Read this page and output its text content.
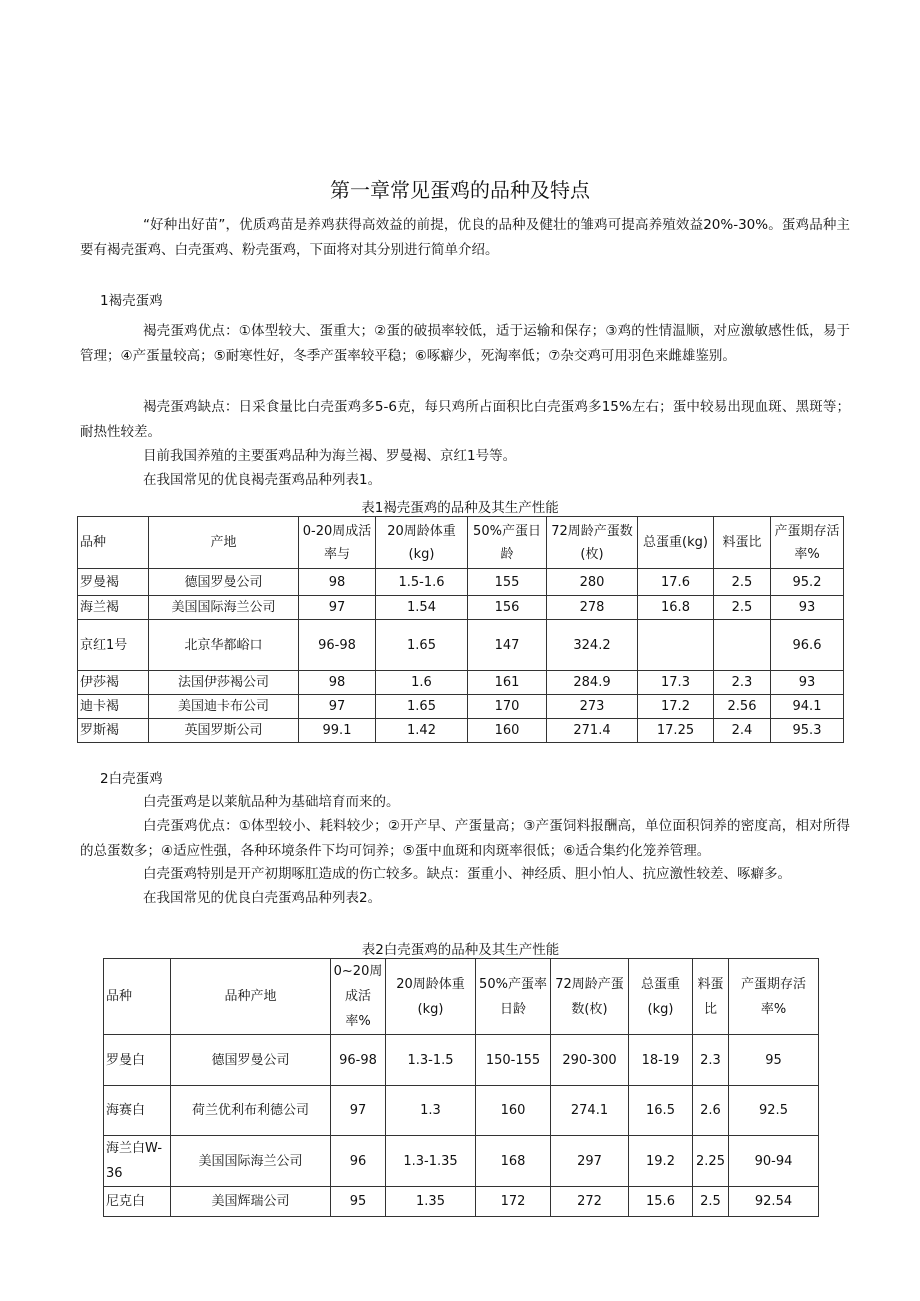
第一章常见蛋鸡的品种及特点
“好种出好苗”，优质鸡苗是养鸡获得高效益的前提，优良的品种及健壮的雏鸡可提高养殖效益20%-30%。蛋鸡品种主要有褐壳蛋鸡、白壳蛋鸡、粉壳蛋鸡，下面将对其分别进行简单介绍。
1褐壳蛋鸡
褐壳蛋鸡优点：①体型较大、蛋重大；②蛋的破损率较低，适于运输和保存；③鸡的性情温顺，对应激敏感性低，易于管理；④产蛋量较高；⑤耐寒性好，冬季产蛋率较平稳；⑥啄癖少，死淘率低；⑦杂交鸡可用羽色来雌雄鉴别。
褐壳蛋鸡缺点：日采食量比白壳蛋鸡多5-6克，每只鸡所占面积比白壳蛋鸡多15%左右；蛋中较易出现血斑、黑斑等；耐热性较差。
目前我国养殖的主要蛋鸡品种为海兰褐、罗曼褐、京红1号等。
在我国常见的优良褐壳蛋鸡品种列表1。
表1褐壳蛋鸡的品种及其生产性能
品种	产地	0-20周成活率与	20周龄体重(kg)	50%产蛋日龄	72周龄产蛋数(枚)	总蛋重(kg)	料蛋比	产蛋期存活率%
罗曼褐	德国罗曼公司	98	1.5-1.6	155	280	17.6	2.5	95.2
海兰褐	美国国际海兰公司	97	1.54	156	278	16.8	2.5	93
京红1号	北京华都峪口	96-98	1.65	147	324.2			96.6
伊莎褐	法国伊莎褐公司	98	1.6	161	284.9	17.3	2.3	93
迪卡褐	美国迪卡布公司	97	1.65	170	273	17.2	2.56	94.1
罗斯褐	英国罗斯公司	99.1	1.42	160	271.4	17.25	2.4	95.3
2白壳蛋鸡
白壳蛋鸡是以莱航品种为基础培育而来的。
白壳蛋鸡优点：①体型较小、耗料较少；②开产早、产蛋量高；③产蛋饲料报酬高，单位面积饲养的密度高，相对所得的总蛋数多；④适应性强，各种环境条件下均可饲养；⑤蛋中血斑和肉斑率很低；⑥适合集约化笼养管理。
白壳蛋鸡特别是开产初期啄肛造成的伤亡较多。缺点：蛋重小、神经质、胆小怕人、抗应激性较差、啄癖多。
在我国常见的优良白壳蛋鸡品种列表2。
表2白壳蛋鸡的品种及其生产性能
品种	品种产地	0~20周成活率%	20周龄体重(kg)	50%产蛋率日龄	72周龄产蛋数(枚)	总蛋重(kg)	料蛋比	产蛋期存活率%
罗曼白	德国罗曼公司	96-98	1.3-1.5	150-155	290-300	18-19	2.3	95
海赛白	荷兰优利布利德公司	97	1.3	160	274.1	16.5	2.6	92.5
海兰白W-36	美国国际海兰公司	96	1.3-1.35	168	297	19.2	2.25	90-94
尼克白	美国辉瑞公司	95	1.35	172	272	15.6	2.5	92.54
